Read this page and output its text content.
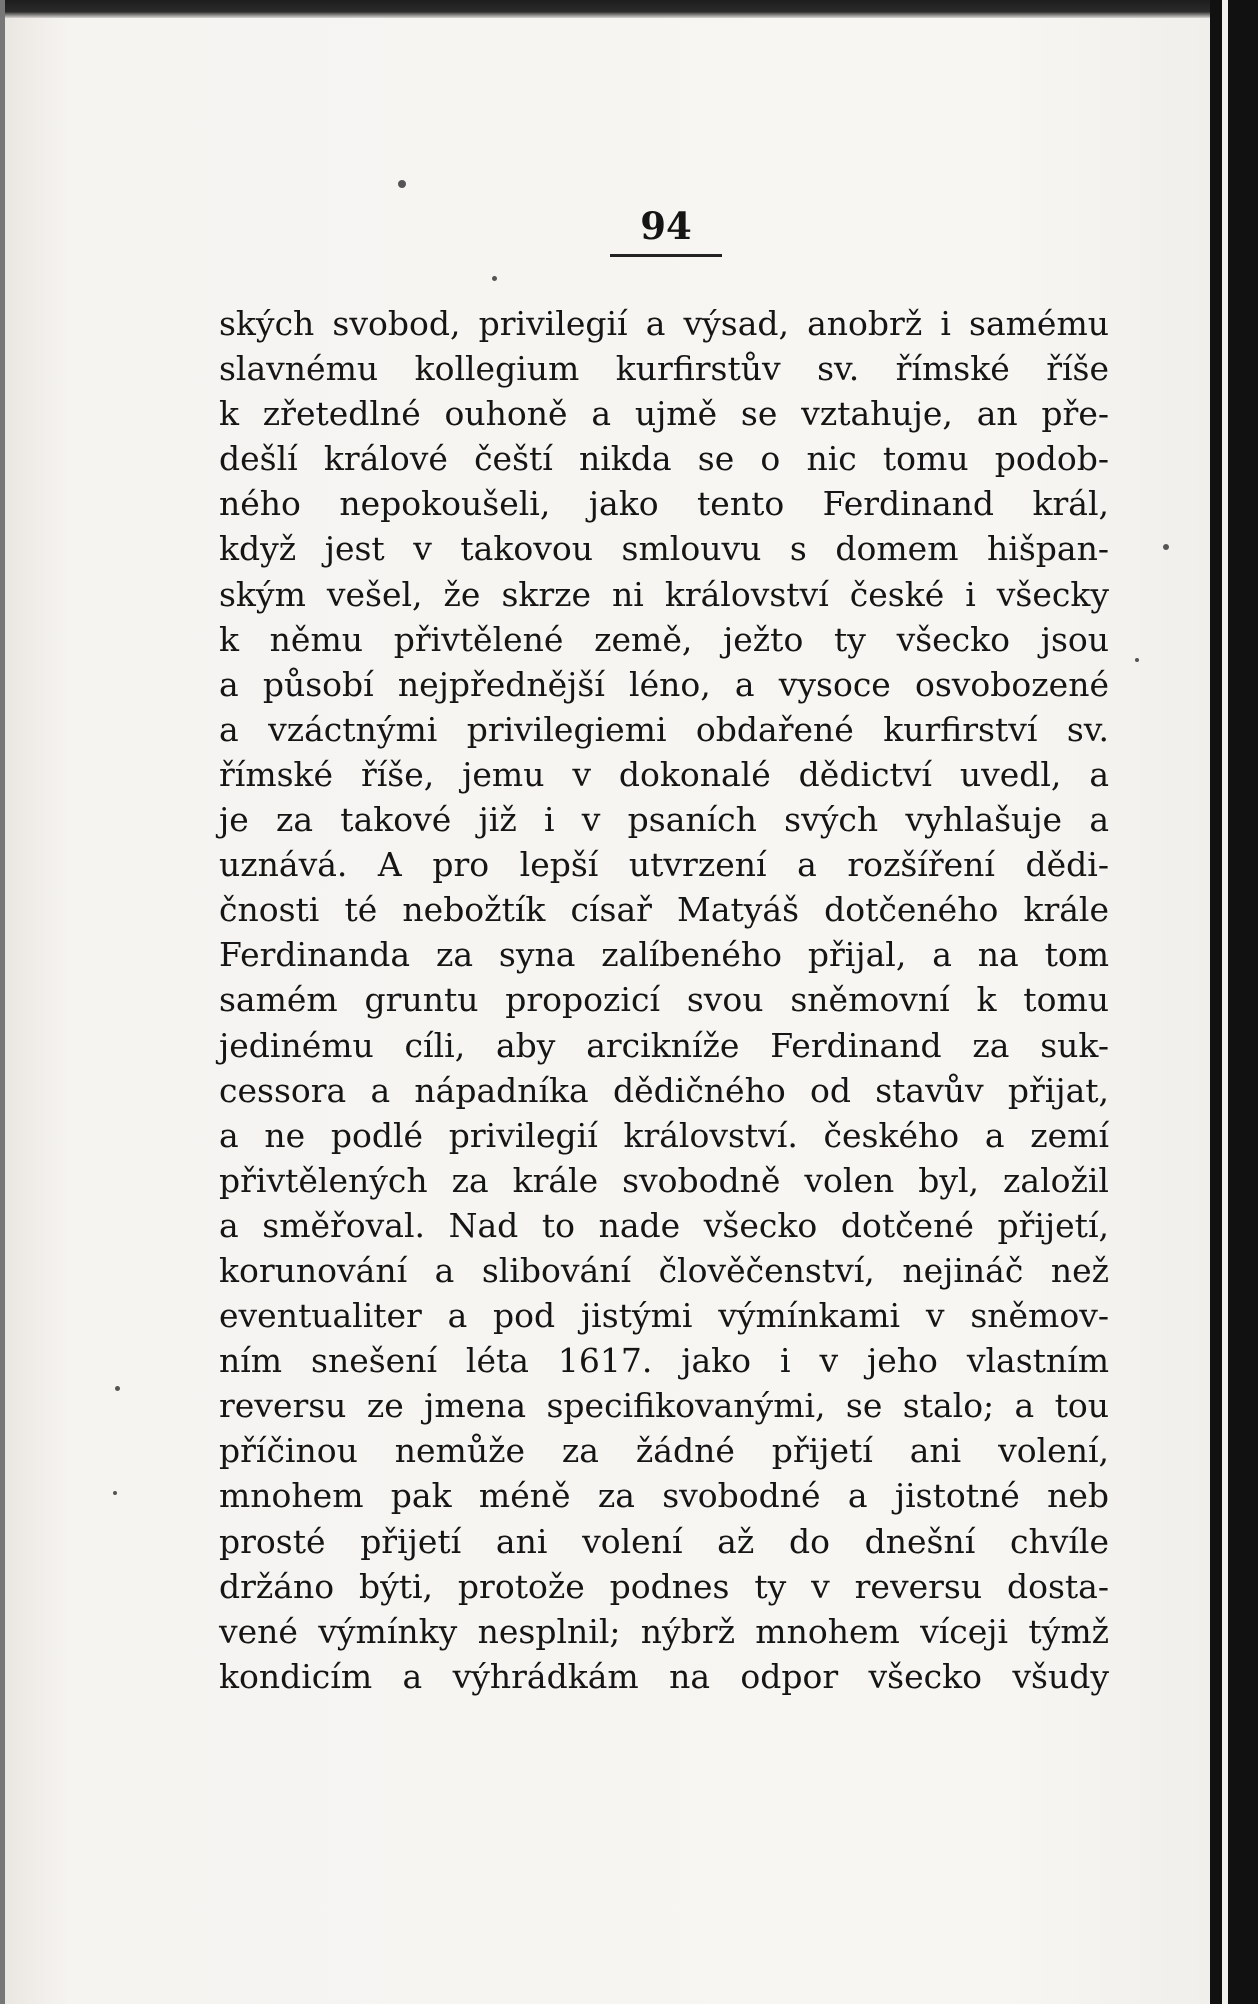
94
ských svobod, privilegií a výsad, anobrž i samému
slavnému kollegium kurfirstův sv. římské říše
k zřetedlné ouhoně a ujmě se vztahuje, an pře-
dešlí králové čeští nikda se o nic tomu podob-
ného nepokoušeli, jako tento Ferdinand král,
když jest v takovou smlouvu s domem hišpan-
ským vešel, že skrze ni království české i všecky
k němu přivtělené země, ježto ty všecko jsou
a působí nejpřednější léno, a vysoce osvobozené
a vzáctnými privilegiemi obdařené kurfirství sv.
římské říše, jemu v dokonalé dědictví uvedl, a
je za takové již i v psaních svých vyhlašuje a
uznává. A pro lepší utvrzení a rozšíření dědi-
čnosti té nebožtík císař Matyáš dotčeného krále
Ferdinanda za syna zalíbeného přijal, a na tom
samém gruntu propozicí svou sněmovní k tomu
jedinému cíli, aby arcikníže Ferdinand za suk-
cessora a nápadníka dědičného od stavův přijat,
a ne podlé privilegií království. českého a zemí
přivtělených za krále svobodně volen byl, založil
a směřoval. Nad to nade všecko dotčené přijetí,
korunování a slibování člověčenství, nejináč než
eventualiter a pod jistými výmínkami v sněmov-
ním snešení léta 1617. jako i v jeho vlastním
reversu ze jmena specifikovanými, se stalo; a tou
příčinou nemůže za žádné přijetí ani volení,
mnohem pak méně za svobodné a jistotné neb
prosté přijetí ani volení až do dnešní chvíle
držáno býti, protože podnes ty v reversu dosta-
vené výmínky nesplnil; nýbrž mnohem víceji týmž
kondicím a výhrádkám na odpor všecko všudy
